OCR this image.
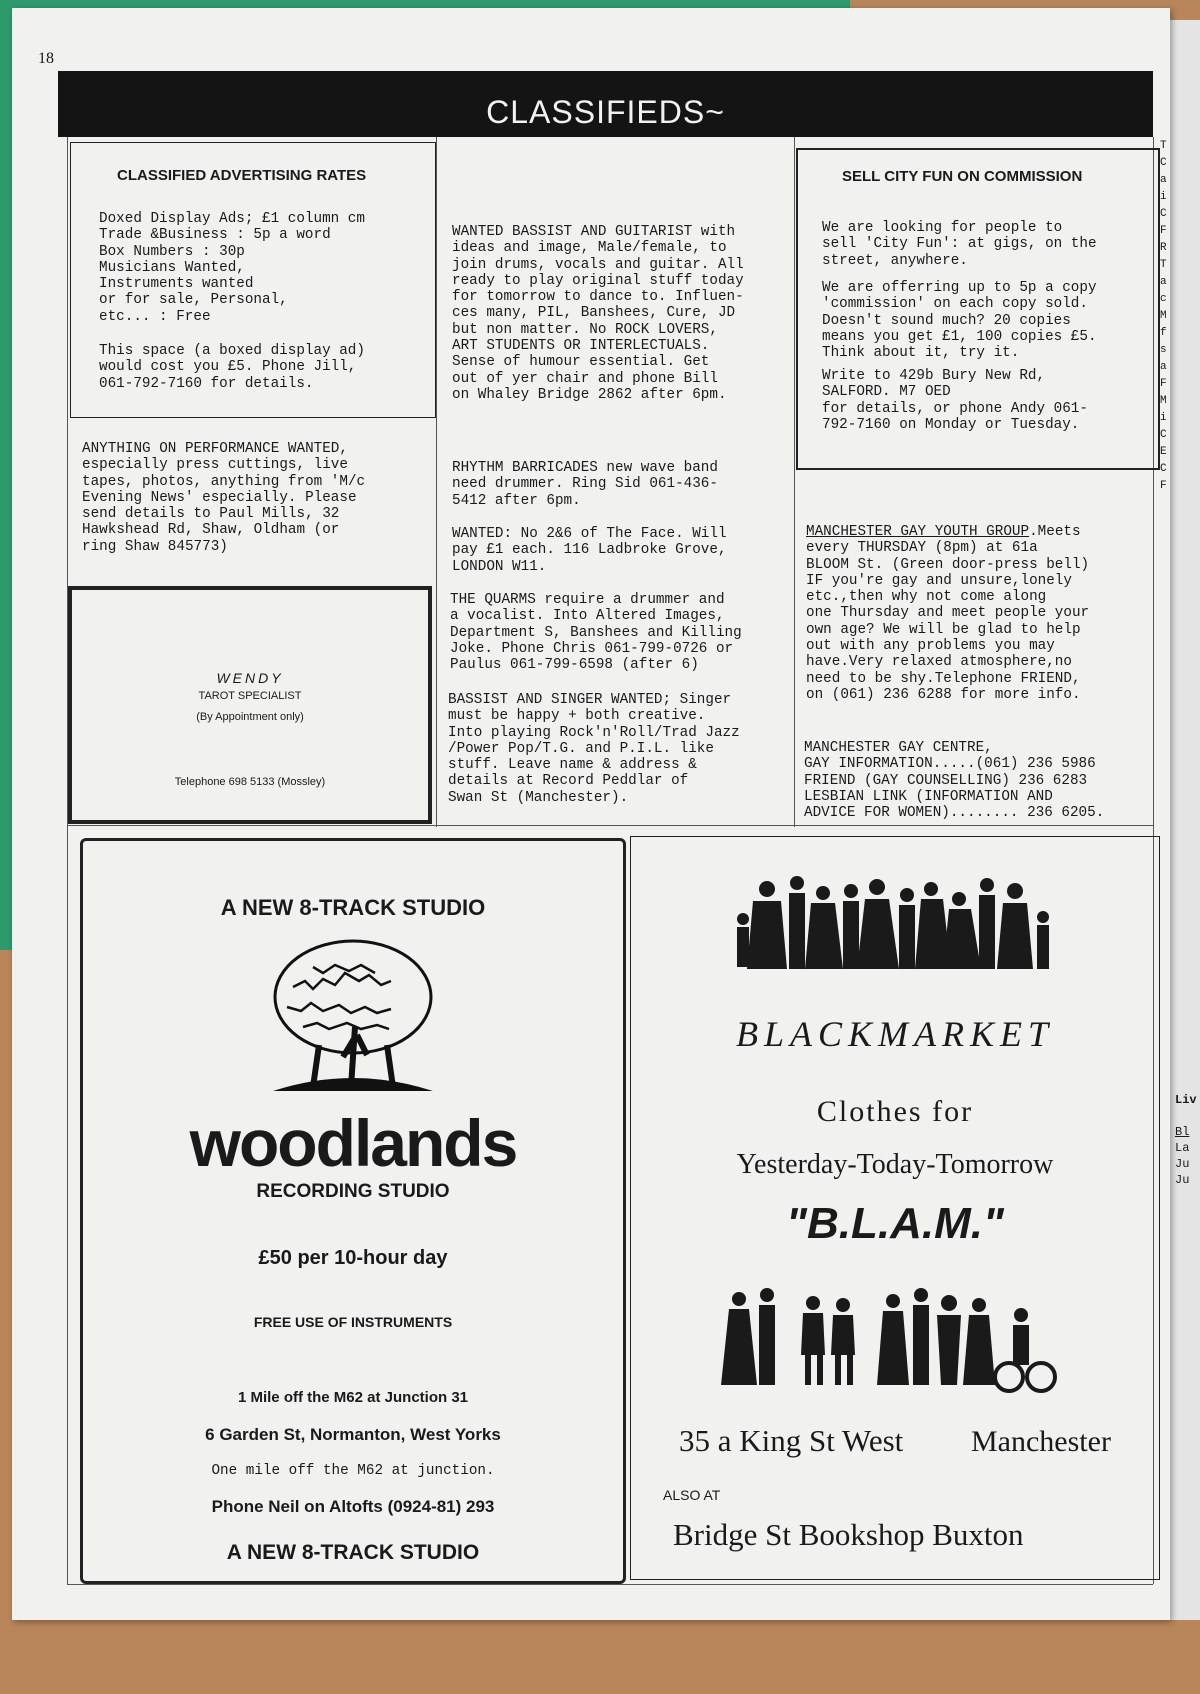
Liv
Bl
La
Ju
Ju
18
CLASSIFIEDS~
CLASSIFIED ADVERTISING RATES
Doxed Display Ads; £1 column cm
Trade &Business : 5p a word
Box Numbers : 30p
Musicians Wanted,
Instruments wanted
or for sale, Personal,
etc... : Free
This space (a boxed display ad)
would cost you £5. Phone Jill,
061-792-7160 for details.
ANYTHING ON PERFORMANCE WANTED,
especially press cuttings, live
tapes, photos, anything from 'M/c
Evening News' especially. Please
send details to Paul Mills, 32
Hawkshead Rd, Shaw, Oldham (or
ring Shaw 845773)
WENDY
TAROT SPECIALIST
(By Appointment only)
Telephone 698 5133 (Mossley)
WANTED BASSIST AND GUITARIST with
ideas and image, Male/female, to
join drums, vocals and guitar. All
ready to play original stuff today
for tomorrow to dance to. Influen-
ces many, PIL, Banshees, Cure, JD
but non matter. No ROCK LOVERS,
ART STUDENTS OR INTERLECTUALS.
Sense of humour essential. Get
out of yer chair and phone Bill
on Whaley Bridge 2862 after 6pm.
RHYTHM BARRICADES new wave band
need drummer. Ring Sid 061-436-
5412 after 6pm.
WANTED: No 2&6 of The Face. Will
pay £1 each. 116 Ladbroke Grove,
LONDON W11.
THE QUARMS require a drummer and
a vocalist. Into Altered Images,
Department S, Banshees and Killing
Joke. Phone Chris 061-799-0726 or
Paulus 061-799-6598 (after 6)
BASSIST AND SINGER WANTED; Singer
must be happy + both creative.
Into playing Rock'n'Roll/Trad Jazz
/Power Pop/T.G. and P.I.L. like
stuff. Leave name & address &
details at Record Peddlar of
Swan St (Manchester).
SELL CITY FUN ON COMMISSION
We are looking for people to
sell 'City Fun': at gigs, on the
street, anywhere.
We are offerring up to 5p a copy
'commission' on each copy sold.
Doesn't sound much? 20 copies
means you get £1, 100 copies £5.
Think about it, try it.
Write to 429b Bury New Rd,
SALFORD. M7 OED
for details, or phone Andy 061-
792-7160 on Monday or Tuesday.
MANCHESTER GAY YOUTH GROUP.Meets
every THURSDAY (8pm) at 61a
BLOOM St. (Green door-press bell)
IF you're gay and unsure,lonely
etc.,then why not come along
one Thursday and meet people your
own age? We will be glad to help
out with any problems you may
have.Very relaxed atmosphere,no
need to be shy.Telephone FRIEND,
on (061) 236 6288 for more info.
MANCHESTER GAY CENTRE,
GAY INFORMATION.....(061) 236 5986
FRIEND (GAY COUNSELLING) 236 6283
LESBIAN LINK (INFORMATION AND
ADVICE FOR WOMEN)........ 236 6205.
A NEW 8-TRACK STUDIO
woodlands
RECORDING STUDIO
£50 per 10-hour day
FREE USE OF INSTRUMENTS
1 Mile off the M62 at Junction 31
6 Garden St, Normanton, West Yorks
One mile off the M62 at junction.
Phone Neil on Altofts (0924-81) 293
A NEW 8-TRACK STUDIO
BLACKMARKET
Clothes for
Yesterday-Today-Tomorrow
"B.L.A.M."
35 a King St West Manchester
ALSO AT
Bridge St Bookshop Buxton
T
C
a
i
C
F
R
T
a
c
M
f
s
a
F
M
i
C
E
C
F
